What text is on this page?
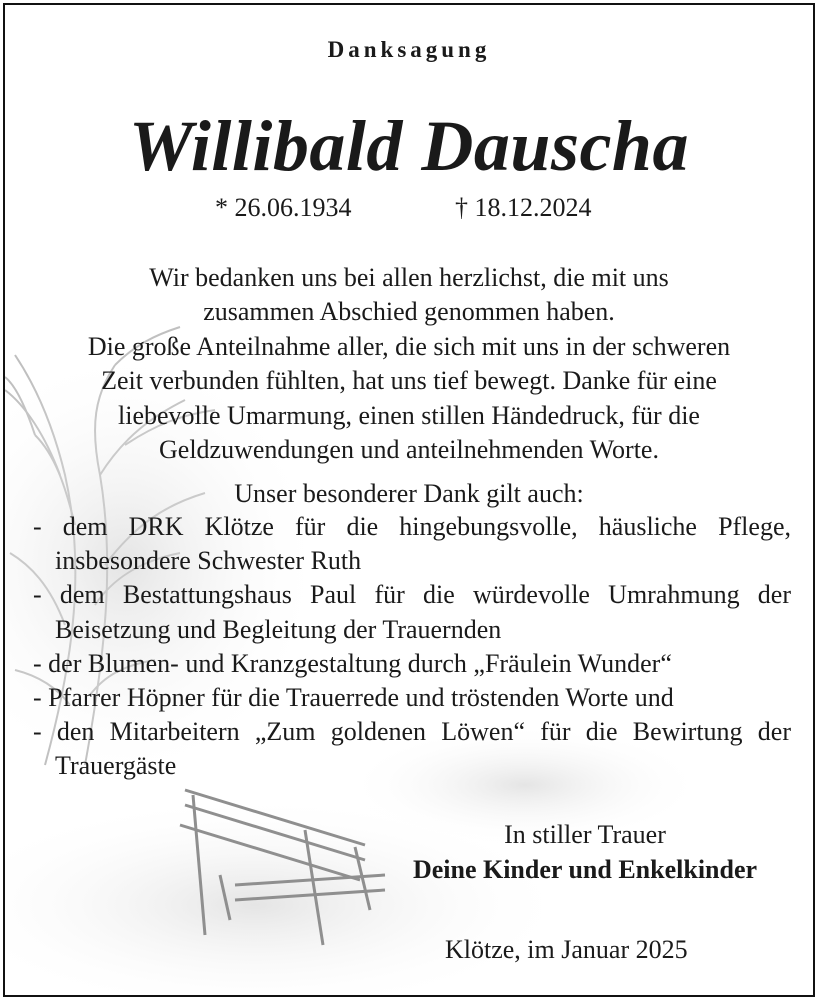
Danksagung
Willibald Dauscha
* 26.06.1934	† 18.12.2024
Wir bedanken uns bei allen herzlichst, die mit uns
zusammen Abschied genommen haben.
Die große Anteilnahme aller, die sich mit uns in der schweren
Zeit verbunden fühlten, hat uns tief bewegt. Danke für eine
liebevolle Umarmung, einen stillen Händedruck, für die
Geldzuwendungen und anteilnehmenden Worte.
Unser besonderer Dank gilt auch:
- dem DRK Klötze für die hingebungsvolle, häusliche Pflege, insbesondere Schwester Ruth
- dem Bestattungshaus Paul für die würdevolle Umrahmung der Beisetzung und Begleitung der Trauernden
- der Blumen- und Kranzgestaltung durch „Fräulein Wunder“
- Pfarrer Höpner für die Trauerrede und tröstenden Worte und
- den Mitarbeitern „Zum goldenen Löwen“ für die Bewirtung der Trauergäste
In stiller Trauer
Deine Kinder und Enkelkinder
Klötze, im Januar 2025
